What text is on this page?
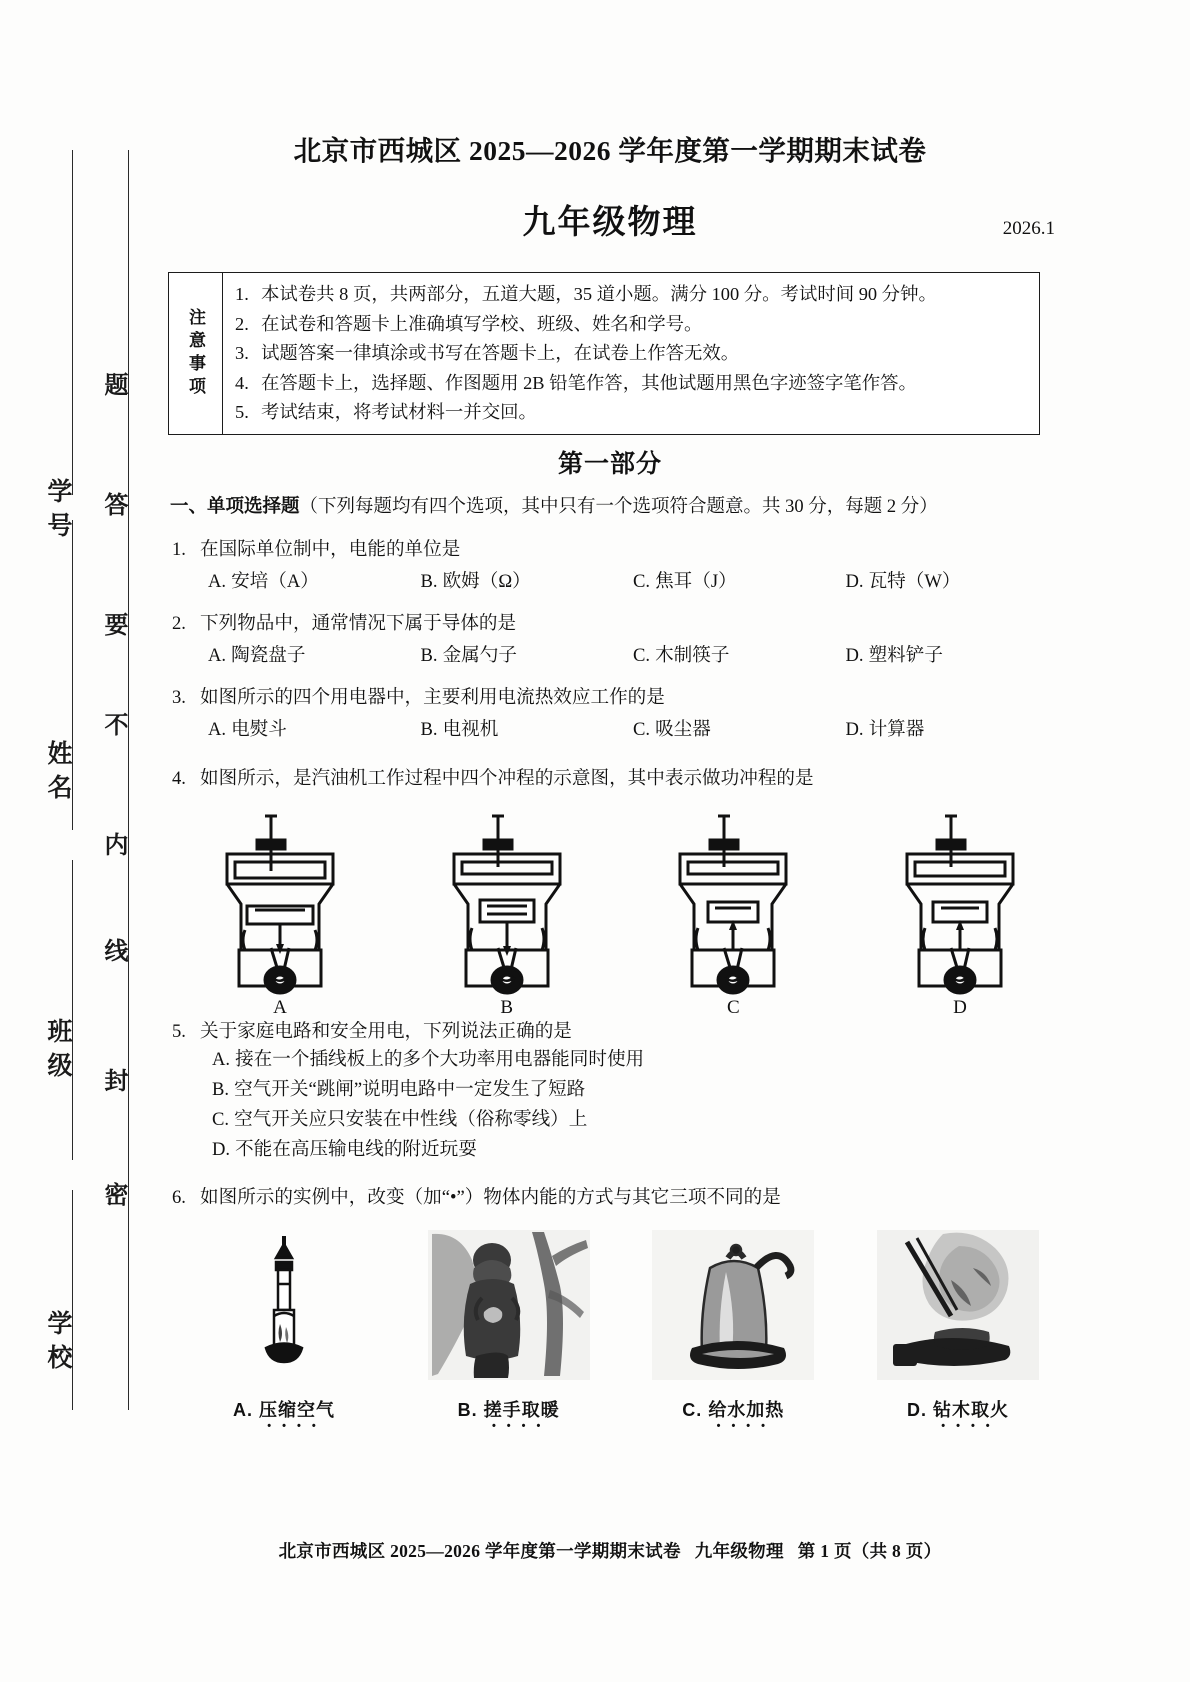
学号
姓名
班级
学校
题
答
要
不
内
线
封
密
北京市西城区 2025—2026 学年度第一学期期末试卷
九年级物理	2026.1
注意事项
1. 本试卷共 8 页，共两部分，五道大题，35 道小题。满分 100 分。考试时间 90 分钟。
2. 在试卷和答题卡上准确填写学校、班级、姓名和学号。
3. 试题答案一律填涂或书写在答题卡上，在试卷上作答无效。
4. 在答题卡上，选择题、作图题用 2B 铅笔作答，其他试题用黑色字迹签字笔作答。
5. 考试结束，将考试材料一并交回。
第一部分
一、单项选择题（下列每题均有四个选项，其中只有一个选项符合题意。共 30 分，每题 2 分）
1. 在国际单位制中，电能的单位是
A. 安培（A）	B. 欧姆（Ω）	C. 焦耳（J）	D. 瓦特（W）
2. 下列物品中，通常情况下属于导体的是
A. 陶瓷盘子	B. 金属勺子	C. 木制筷子	D. 塑料铲子
3. 如图所示的四个用电器中，主要利用电流热效应工作的是
A. 电熨斗	B. 电视机	C. 吸尘器	D. 计算器
4. 如图所示，是汽油机工作过程中四个冲程的示意图，其中表示做功冲程的是
A	B	C	D
5. 关于家庭电路和安全用电，下列说法正确的是
A. 接在一个插线板上的多个大功率用电器能同时使用
B. 空气开关“跳闸”说明电路中一定发生了短路
C. 空气开关应只安装在中性线（俗称零线）上
D. 不能在高压输电线的附近玩耍
6. 如图所示的实例中，改变（加“•”）物体内能的方式与其它三项不同的是
A. 压缩空气
••••
B. 搓手取暖
••••
C. 给水加热
••••
D. 钻木取火
••••
北京市西城区 2025—2026 学年度第一学期期末试卷 九年级物理 第 1 页（共 8 页）
